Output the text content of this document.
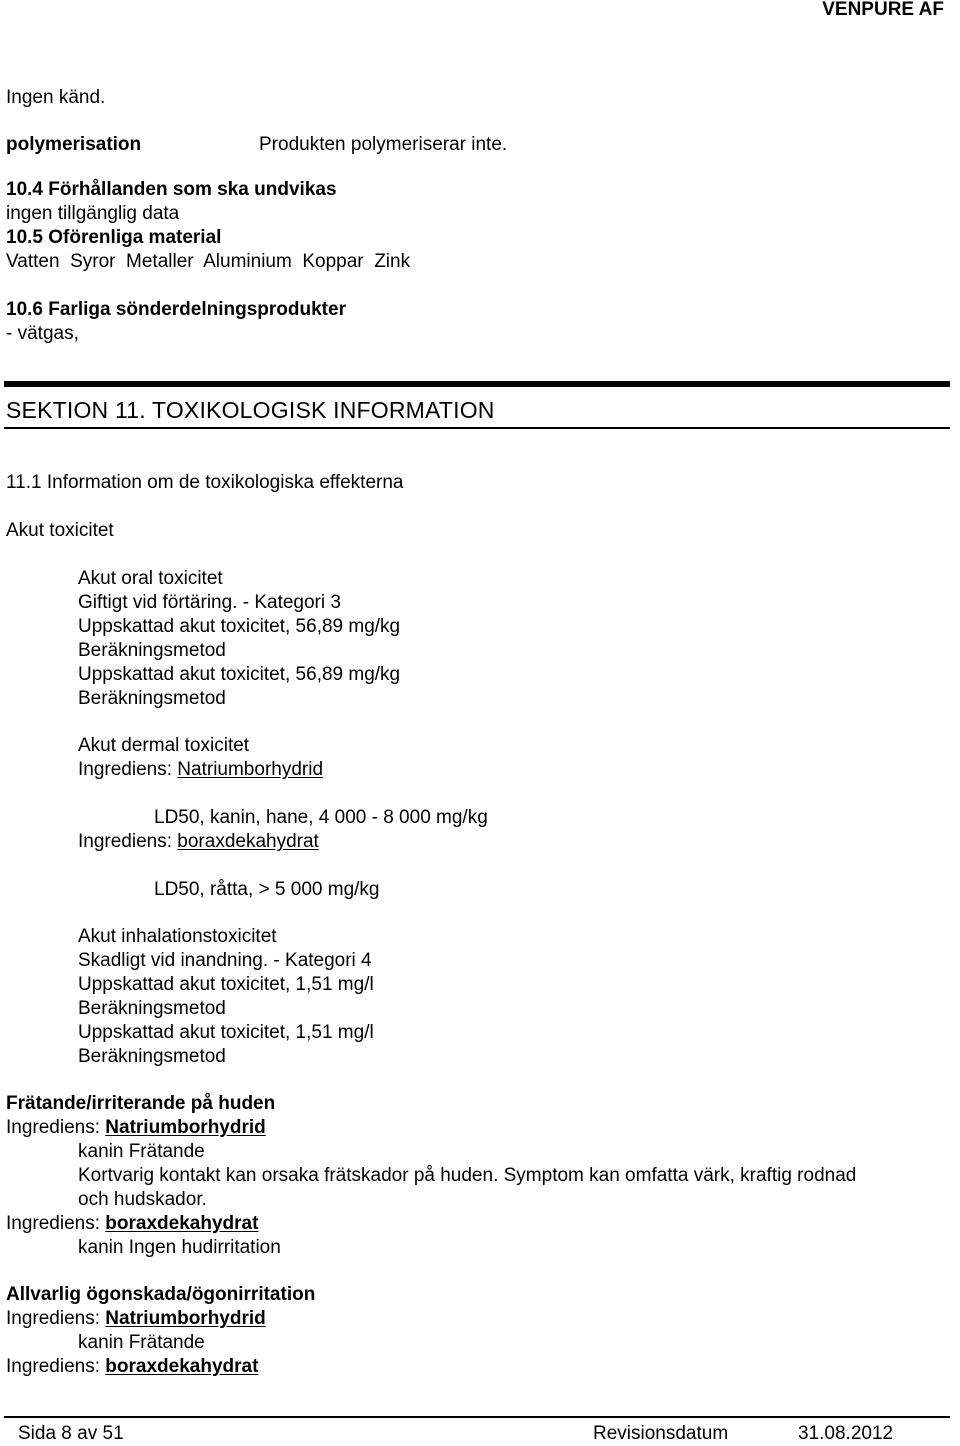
VENPURE AF
Ingen känd.
polymerisation	Produkten polymeriserar inte.
10.4 Förhållanden som ska undvikas
ingen tillgänglig data
10.5 Oförenliga material
Vatten  Syror  Metaller  Aluminium  Koppar  Zink
10.6 Farliga sönderdelningsprodukter
- vätgas,
SEKTION 11. TOXIKOLOGISK INFORMATION
11.1 Information om de toxikologiska effekterna
Akut toxicitet
Akut oral toxicitet
Giftigt vid förtäring. - Kategori 3
Uppskattad akut toxicitet, 56,89 mg/kg
Beräkningsmetod
Uppskattad akut toxicitet, 56,89 mg/kg
Beräkningsmetod
Akut dermal toxicitet
Ingrediens: Natriumborhydrid
LD50, kanin, hane, 4 000 - 8 000 mg/kg
Ingrediens: boraxdekahydrat
LD50, råtta, > 5 000 mg/kg
Akut inhalationstoxicitet
Skadligt vid inandning. - Kategori 4
Uppskattad akut toxicitet, 1,51 mg/l
Beräkningsmetod
Uppskattad akut toxicitet, 1,51 mg/l
Beräkningsmetod
Frätande/irriterande på huden
Ingrediens: Natriumborhydrid
kanin Frätande
Kortvarig kontakt kan orsaka frätskador på huden. Symptom kan omfatta värk, kraftig rodnad
och hudskador.
Ingrediens: boraxdekahydrat
kanin Ingen hudirritation
Allvarlig ögonskada/ögonirritation
Ingrediens: Natriumborhydrid
kanin Frätande
Ingrediens: boraxdekahydrat
Sida 8 av 51	Revisionsdatum	31.08.2012
